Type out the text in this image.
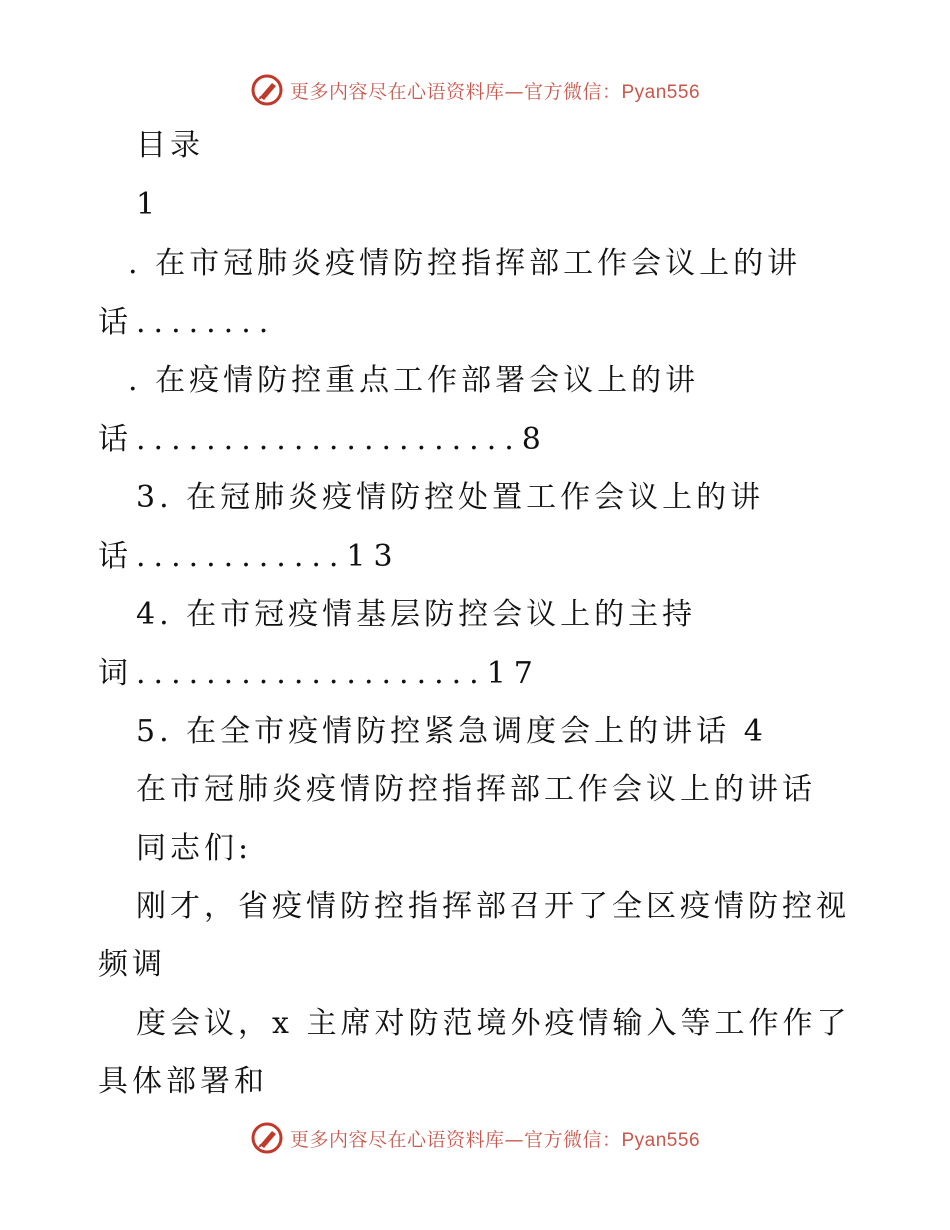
更多内容尽在心语资料库—官方微信：Pyan556
目录
1
. 在市冠肺炎疫情防控指挥部工作会议上的讲
话........
. 在疫情防控重点工作部署会议上的讲
话......................8
3. 在冠肺炎疫情防控处置工作会议上的讲
话............13
4. 在市冠疫情基层防控会议上的主持
词....................17
5. 在全市疫情防控紧急调度会上的讲话 4
在市冠肺炎疫情防控指挥部工作会议上的讲话
同志们:
刚才，省疫情防控指挥部召开了全区疫情防控视
频调
度会议，x 主席对防范境外疫情输入等工作作了
具体部署和
更多内容尽在心语资料库—官方微信：Pyan556
